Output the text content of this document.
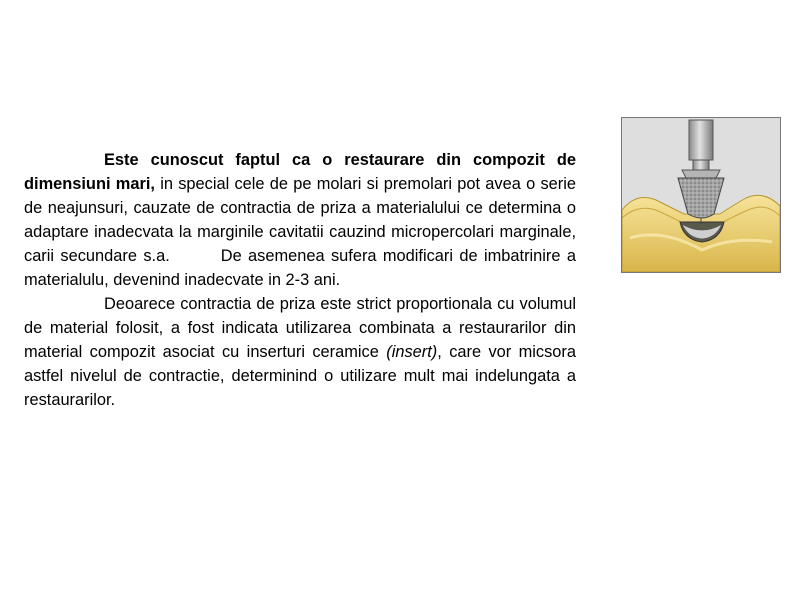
Este cunoscut faptul ca o restaurare din compozit de dimensiuni mari, in special cele de pe molari si premolari pot avea o serie de neajunsuri, cauzate de contractia de priza a materialului ce determina o adaptare inadecvata la marginile cavitatii cauzind micropercolari marginale, carii secundare s.a.        De asemenea sufera modificari de imbatrinire a materialulu, devenind inadecvate in 2-3 ani.

Deoarece contractia de priza este strict proportionala cu volumul de material folosit, a fost indicata utilizarea combinata a restaurarilor din material compozit asociat cu inserturi ceramice (insert), care vor micsora astfel nivelul de contractie, determinind o utilizare mult mai indelungata a restaurarilor.
